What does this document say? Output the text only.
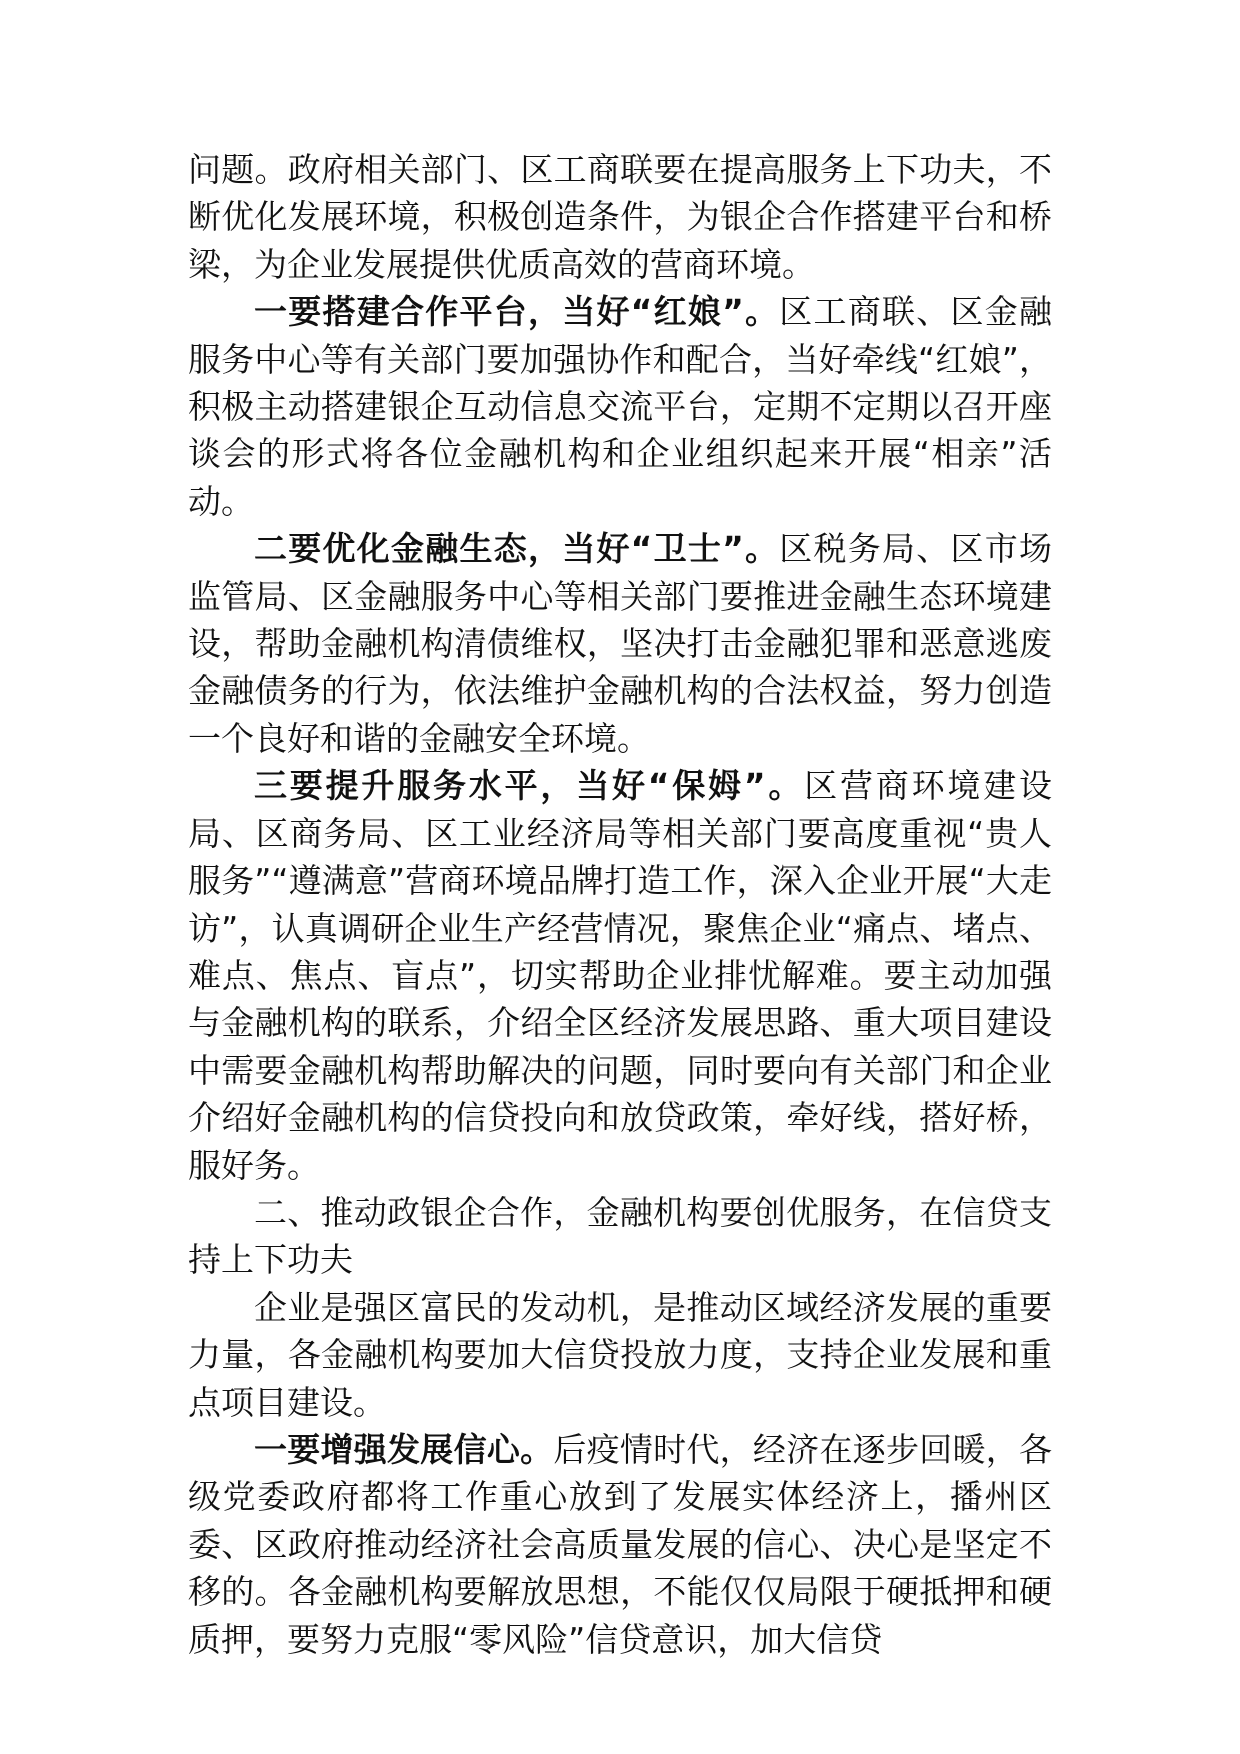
问题。政府相关部门、区工商联要在提高服务上下功夫，不断优化发展环境，积极创造条件，为银企合作搭建平台和桥梁，为企业发展提供优质高效的营商环境。

一要搭建合作平台，当好“红娘”。区工商联、区金融服务中心等有关部门要加强协作和配合，当好牵线“红娘”，积极主动搭建银企互动信息交流平台，定期不定期以召开座谈会的形式将各位金融机构和企业组织起来开展“相亲”活动。

二要优化金融生态，当好“卫士”。区税务局、区市场监管局、区金融服务中心等相关部门要推进金融生态环境建设，帮助金融机构清债维权，坚决打击金融犯罪和恶意逃废金融债务的行为，依法维护金融机构的合法权益，努力创造一个良好和谐的金融安全环境。

三要提升服务水平，当好“保姆”。区营商环境建设局、区商务局、区工业经济局等相关部门要高度重视“贵人服务”“遵满意”营商环境品牌打造工作，深入企业开展“大走访”，认真调研企业生产经营情况，聚焦企业“痛点、堵点、难点、焦点、盲点”，切实帮助企业排忧解难。要主动加强与金融机构的联系，介绍全区经济发展思路、重大项目建设中需要金融机构帮助解决的问题，同时要向有关部门和企业介绍好金融机构的信贷投向和放贷政策，牵好线，搭好桥，服好务。

二、推动政银企合作，金融机构要创优服务，在信贷支持上下功夫

企业是强区富民的发动机，是推动区域经济发展的重要力量，各金融机构要加大信贷投放力度，支持企业发展和重点项目建设。

一要增强发展信心。后疫情时代，经济在逐步回暖，各级党委政府都将工作重心放到了发展实体经济上，播州区委、区政府推动经济社会高质量发展的信心、决心是坚定不移的。各金融机构要解放思想，不能仅仅局限于硬抵押和硬质押，要努力克服“零风险”信贷意识，加大信贷
